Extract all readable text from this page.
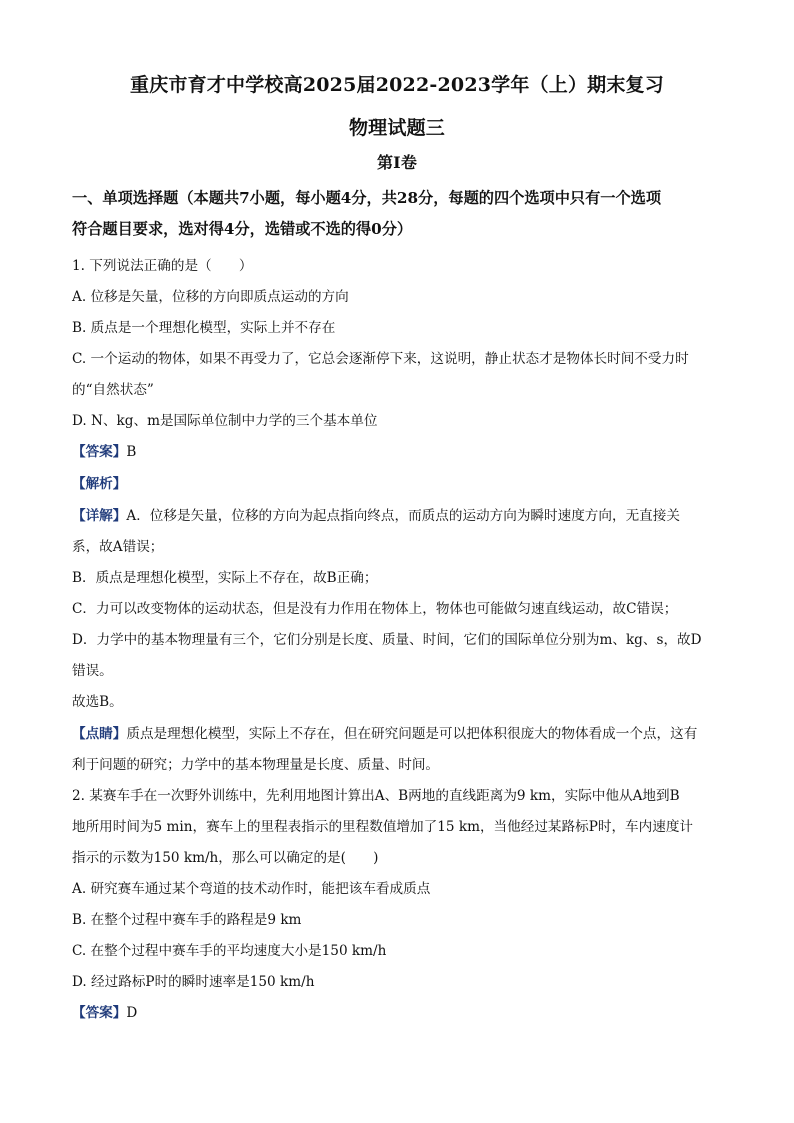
重庆市育才中学校高2025届2022-2023学年（上）期末复习
物理试题三
第I卷
一、单项选择题（本题共7小题，每小题4分，共28分，每题的四个选项中只有一个选项
符合题目要求，选对得4分，选错或不选的得0分）
1. 下列说法正确的是（　　）
A. 位移是矢量，位移的方向即质点运动的方向
B. 质点是一个理想化模型，实际上并不存在
C. 一个运动的物体，如果不再受力了，它总会逐渐停下来，这说明，静止状态才是物体长时间不受力时
的“自然状态”
D. N、kg、m是国际单位制中力学的三个基本单位
【答案】B
【解析】
【详解】A．位移是矢量，位移的方向为起点指向终点，而质点的运动方向为瞬时速度方向，无直接关
系，故A错误；
B．质点是理想化模型，实际上不存在，故B正确；
C．力可以改变物体的运动状态，但是没有力作用在物体上，物体也可能做匀速直线运动，故C错误；
D．力学中的基本物理量有三个，它们分别是长度、质量、时间，它们的国际单位分别为m、kg、s，故D
错误。
故选B。
【点睛】质点是理想化模型，实际上不存在，但在研究问题是可以把体积很庞大的物体看成一个点，这有
利于问题的研究；力学中的基本物理量是长度、质量、时间。
2. 某赛车手在一次野外训练中，先利用地图计算出A、B两地的直线距离为9 km，实际中他从A地到B
地所用时间为5 min，赛车上的里程表指示的里程数值增加了15 km，当他经过某路标P时，车内速度计
指示的示数为150 km/h，那么可以确定的是(　　)
A. 研究赛车通过某个弯道的技术动作时，能把该车看成质点
B. 在整个过程中赛车手的路程是9 km
C. 在整个过程中赛车手的平均速度大小是150 km/h
D. 经过路标P时的瞬时速率是150 km/h
【答案】D
